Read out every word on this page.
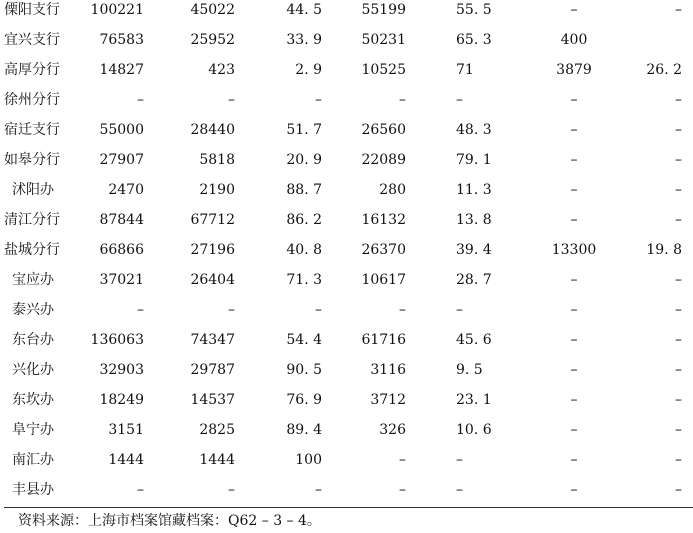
傈阳支行 100221	45022	44. 5	55199	55. 5	–	–
宜兴支行	76583	25952	33. 9	50231	65. 3	400
高厚分行	14827	423	2. 9	10525	71	3879	26. 2
徐州分行	–	–	–	–	–	–	–
宿迁支行	55000	28440	51. 7	26560	48. 3	–	–
如皋分行	27907	5818	20. 9	22089	79. 1	–	–
沭阳办	2470	2190	88. 7	280	11. 3	–	–
清江分行	87844	67712	86. 2	16132	13. 8	–	–
盐城分行	66866	27196	40. 8	26370	39. 4	13300	19. 8
宝应办	37021	26404	71. 3	10617	28. 7	–	–
泰兴办	–	–	–	–	–	–	–
东台办	136063	74347	54. 4	61716	45. 6	–	–
兴化办	32903	29787	90. 5	3116	9. 5	–	–
东坎办	18249	14537	76. 9	3712	23. 1	–	–
阜宁办	3151	2825	89. 4	326	10. 6	–	–
南汇办	1444	1444	100	–	–	–	–
丰县办	–	–	–	–	–	–	–
资料来源：上海市档案馆藏档案：Q62 – 3 – 4。
